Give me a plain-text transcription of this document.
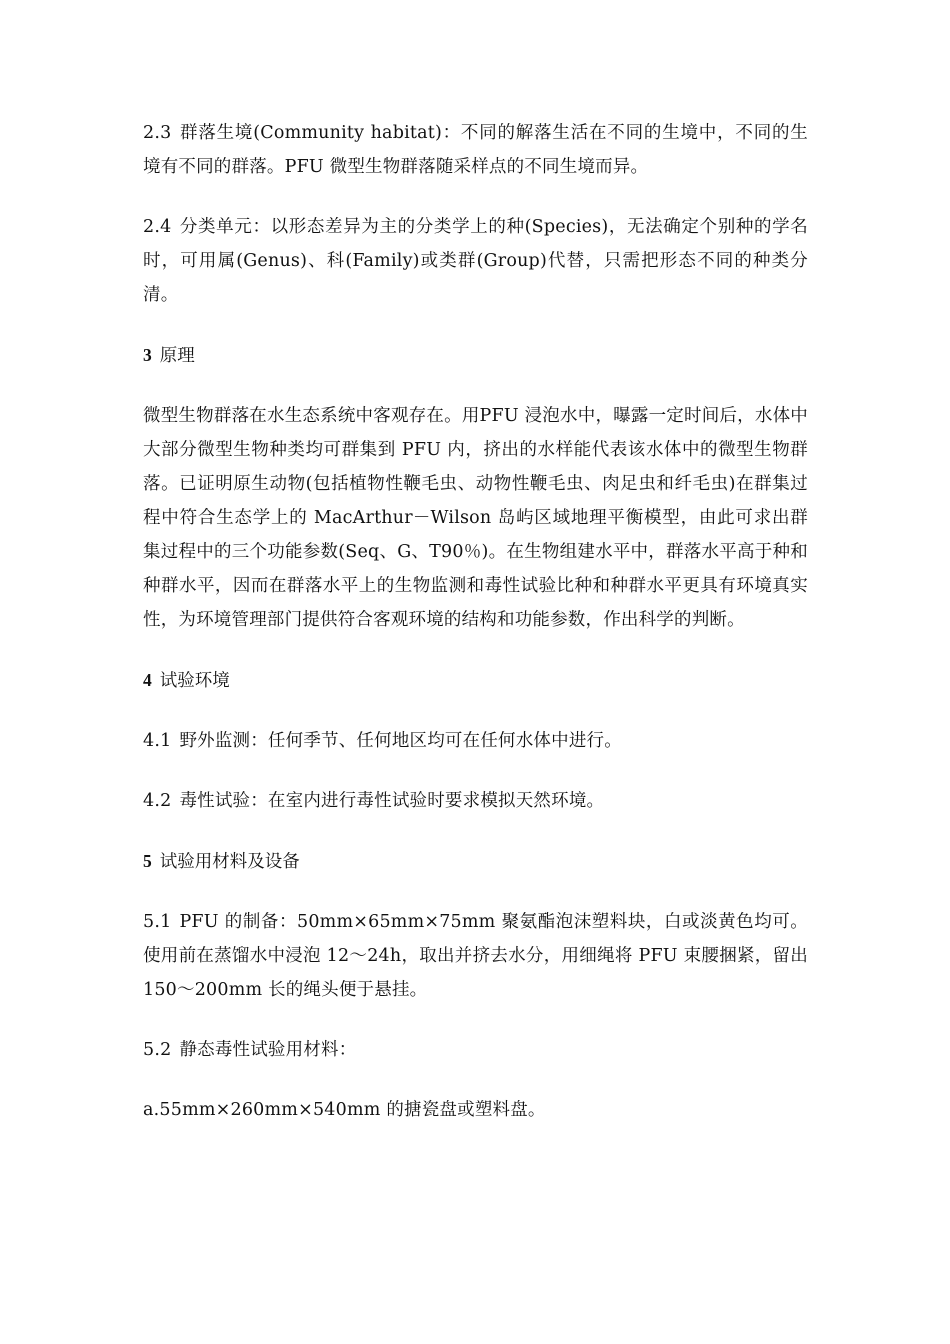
2.3 群落生境(Community habitat)：不同的解落生活在不同的生境中，不同的生境有不同的群落。PFU 微型生物群落随采样点的不同生境而异。

2.4 分类单元：以形态差异为主的分类学上的种(Species)，无法确定个别种的学名时，可用属(Genus)、科(Family)或类群(Group)代替，只需把形态不同的种类分清。

3 原理

微型生物群落在水生态系统中客观存在。用PFU 浸泡水中，曝露一定时间后，水体中大部分微型生物种类均可群集到 PFU 内，挤出的水样能代表该水体中的微型生物群落。已证明原生动物(包括植物性鞭毛虫、动物性鞭毛虫、肉足虫和纤毛虫)在群集过程中符合生态学上的 MacArthur－Wilson 岛屿区域地理平衡模型，由此可求出群集过程中的三个功能参数(Seq、G、T90％)。在生物组建水平中，群落水平高于种和种群水平，因而在群落水平上的生物监测和毒性试验比种和种群水平更具有环境真实性，为环境管理部门提供符合客观环境的结构和功能参数，作出科学的判断。

4 试验环境

4.1 野外监测：任何季节、任何地区均可在任何水体中进行。

4.2 毒性试验：在室内进行毒性试验时要求模拟天然环境。

5 试验用材料及设备

5.1 PFU 的制备：50mm×65mm×75mm 聚氨酯泡沫塑料块，白或淡黄色均可。使用前在蒸馏水中浸泡 12～24h，取出并挤去水分，用细绳将 PFU 束腰捆紧，留出 150～200mm 长的绳头便于悬挂。

5.2 静态毒性试验用材料：

a.55mm×260mm×540mm 的搪瓷盘或塑料盘。
